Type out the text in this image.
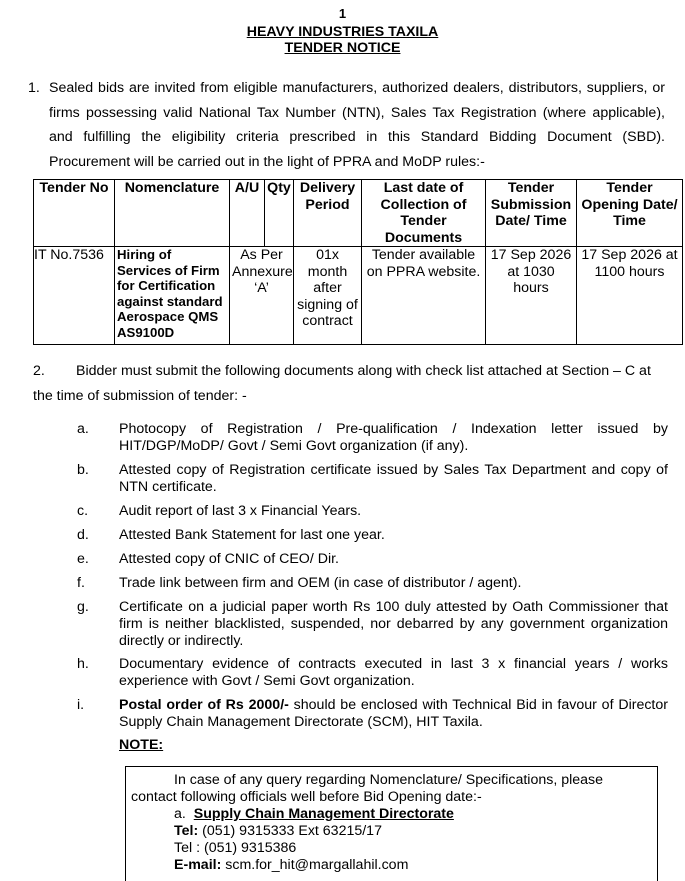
1
HEAVY INDUSTRIES TAXILA
TENDER NOTICE
1. Sealed bids are invited from eligible manufacturers, authorized dealers, distributors, suppliers, or firms possessing valid National Tax Number (NTN), Sales Tax Registration (where applicable), and fulfilling the eligibility criteria prescribed in this Standard Bidding Document (SBD). Procurement will be carried out in the light of PPRA and MoDP rules:-
Tender No	Nomenclature	A/U	Qty	Delivery Period	Last date of Collection of Tender Documents	Tender Submission Date/ Time	Tender Opening Date/ Time
IT No.7536	Hiring of Services of Firm for Certification against standard Aerospace QMS AS9100D	As Per Annexure ‘A’		01x month after signing of contract	Tender available on PPRA website.	17 Sep 2026 at 1030 hours	17 Sep 2026 at 1100 hours
2. Bidder must submit the following documents along with check list attached at Section – C at
the time of submission of tender: -
a. Photocopy of Registration / Pre-qualification / Indexation letter issued by HIT/DGP/MoDP/ Govt / Semi Govt organization (if any).
b. Attested copy of Registration certificate issued by Sales Tax Department and copy of NTN certificate.
c. Audit report of last 3 x Financial Years.
d. Attested Bank Statement for last one year.
e. Attested copy of CNIC of CEO/ Dir.
f. Trade link between firm and OEM (in case of distributor / agent).
g. Certificate on a judicial paper worth Rs 100 duly attested by Oath Commissioner that firm is neither blacklisted, suspended, nor debarred by any government organization directly or indirectly.
h. Documentary evidence of contracts executed in last 3 x financial years / works experience with Govt / Semi Govt organization.
i. Postal order of Rs 2000/- should be enclosed with Technical Bid in favour of Director Supply Chain Management Directorate (SCM), HIT Taxila.
NOTE:
In case of any query regarding Nomenclature/ Specifications, please
contact following officials well before Bid Opening date:-
a. Supply Chain Management Directorate
Tel: (051) 9315333 Ext 63215/17
Tel : (051) 9315386
E-mail: scm.for_hit@margallahil.com
